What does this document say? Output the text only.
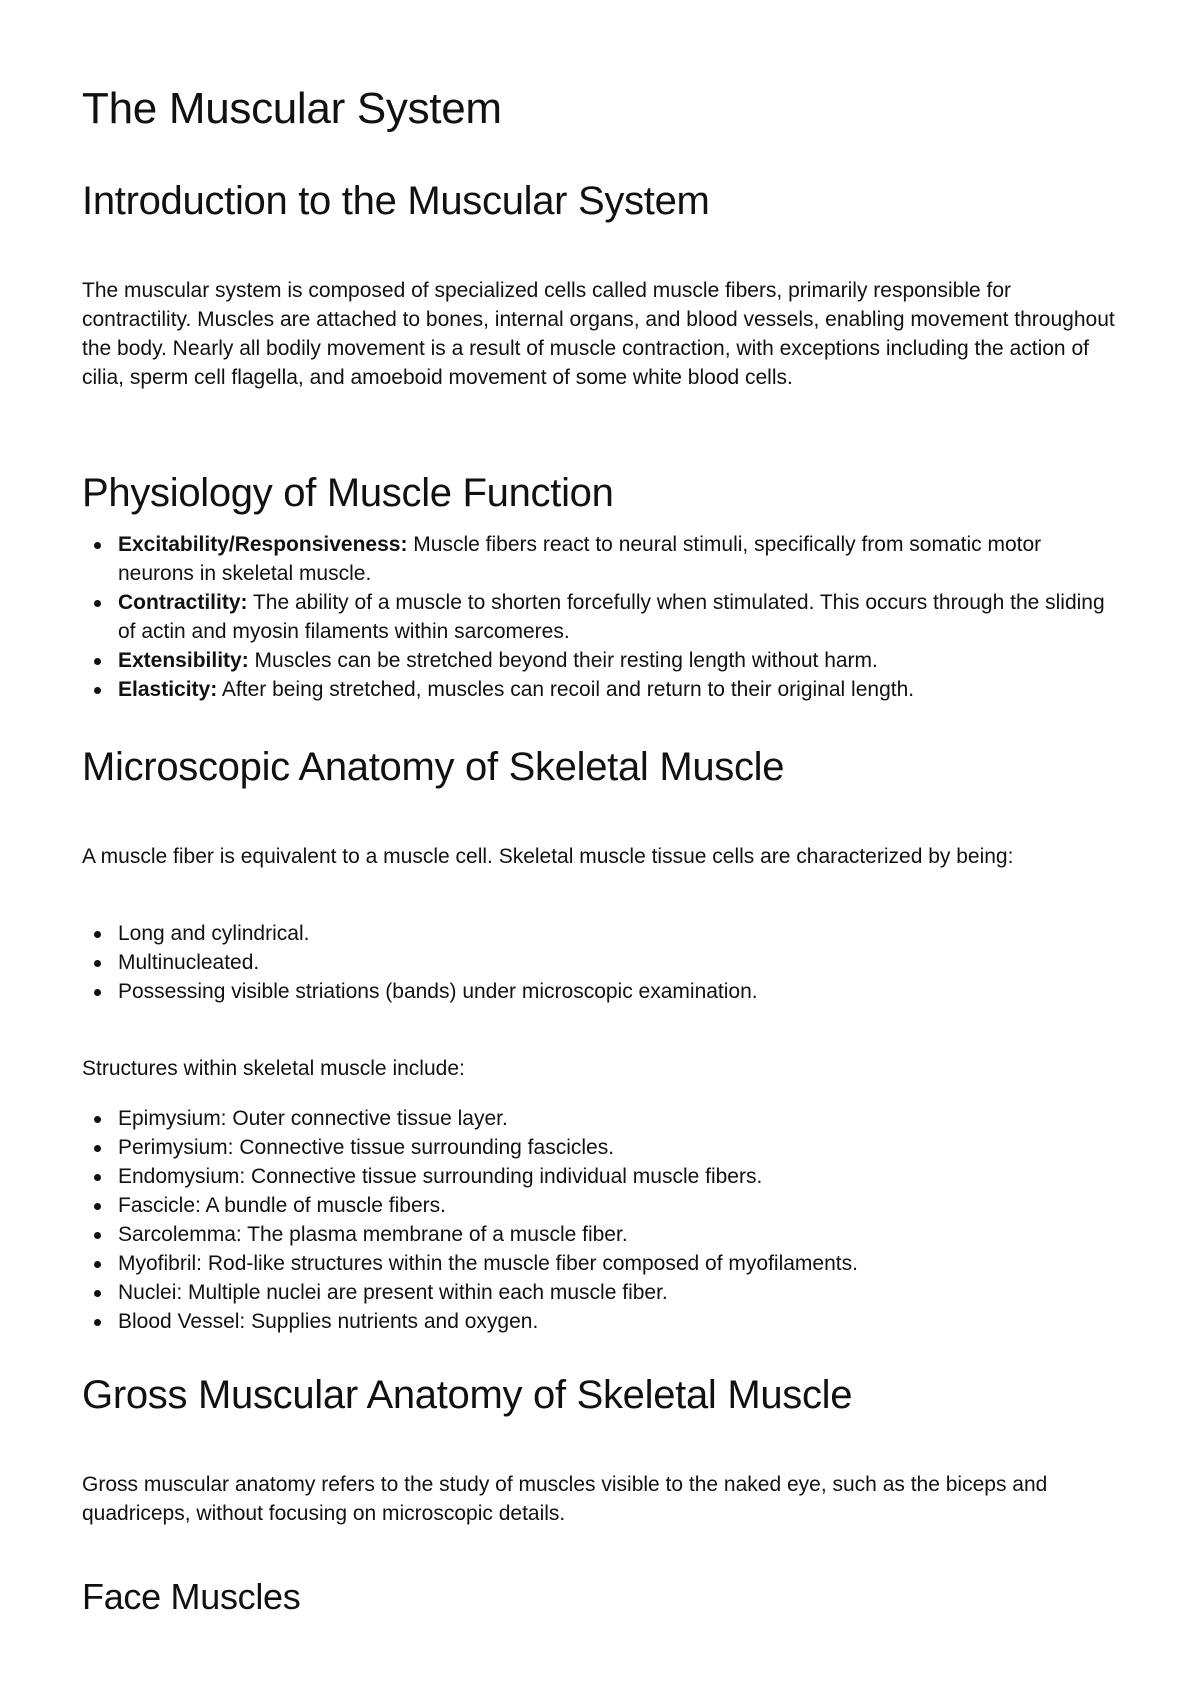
The Muscular System
Introduction to the Muscular System

The muscular system is composed of specialized cells called muscle fibers, primarily responsible for contractility. Muscles are attached to bones, internal organs, and blood vessels, enabling movement throughout the body. Nearly all bodily movement is a result of muscle contraction, with exceptions including the action of cilia, sperm cell flagella, and amoeboid movement of some white blood cells.

Physiology of Muscle Function
Excitability/Responsiveness: Muscle fibers react to neural stimuli, specifically from somatic motor neurons in skeletal muscle.
Contractility: The ability of a muscle to shorten forcefully when stimulated. This occurs through the sliding of actin and myosin filaments within sarcomeres.
Extensibility: Muscles can be stretched beyond their resting length without harm.
Elasticity: After being stretched, muscles can recoil and return to their original length.
Microscopic Anatomy of Skeletal Muscle

A muscle fiber is equivalent to a muscle cell. Skeletal muscle tissue cells are characterized by being:

Long and cylindrical.
Multinucleated.
Possessing visible striations (bands) under microscopic examination.

Structures within skeletal muscle include:

Epimysium: Outer connective tissue layer.
Perimysium: Connective tissue surrounding fascicles.
Endomysium: Connective tissue surrounding individual muscle fibers.
Fascicle: A bundle of muscle fibers.
Sarcolemma: The plasma membrane of a muscle fiber.
Myofibril: Rod-like structures within the muscle fiber composed of myofilaments.
Nuclei: Multiple nuclei are present within each muscle fiber.
Blood Vessel: Supplies nutrients and oxygen.
Gross Muscular Anatomy of Skeletal Muscle

Gross muscular anatomy refers to the study of muscles visible to the naked eye, such as the biceps and quadriceps, without focusing on microscopic details.

Face Muscles
